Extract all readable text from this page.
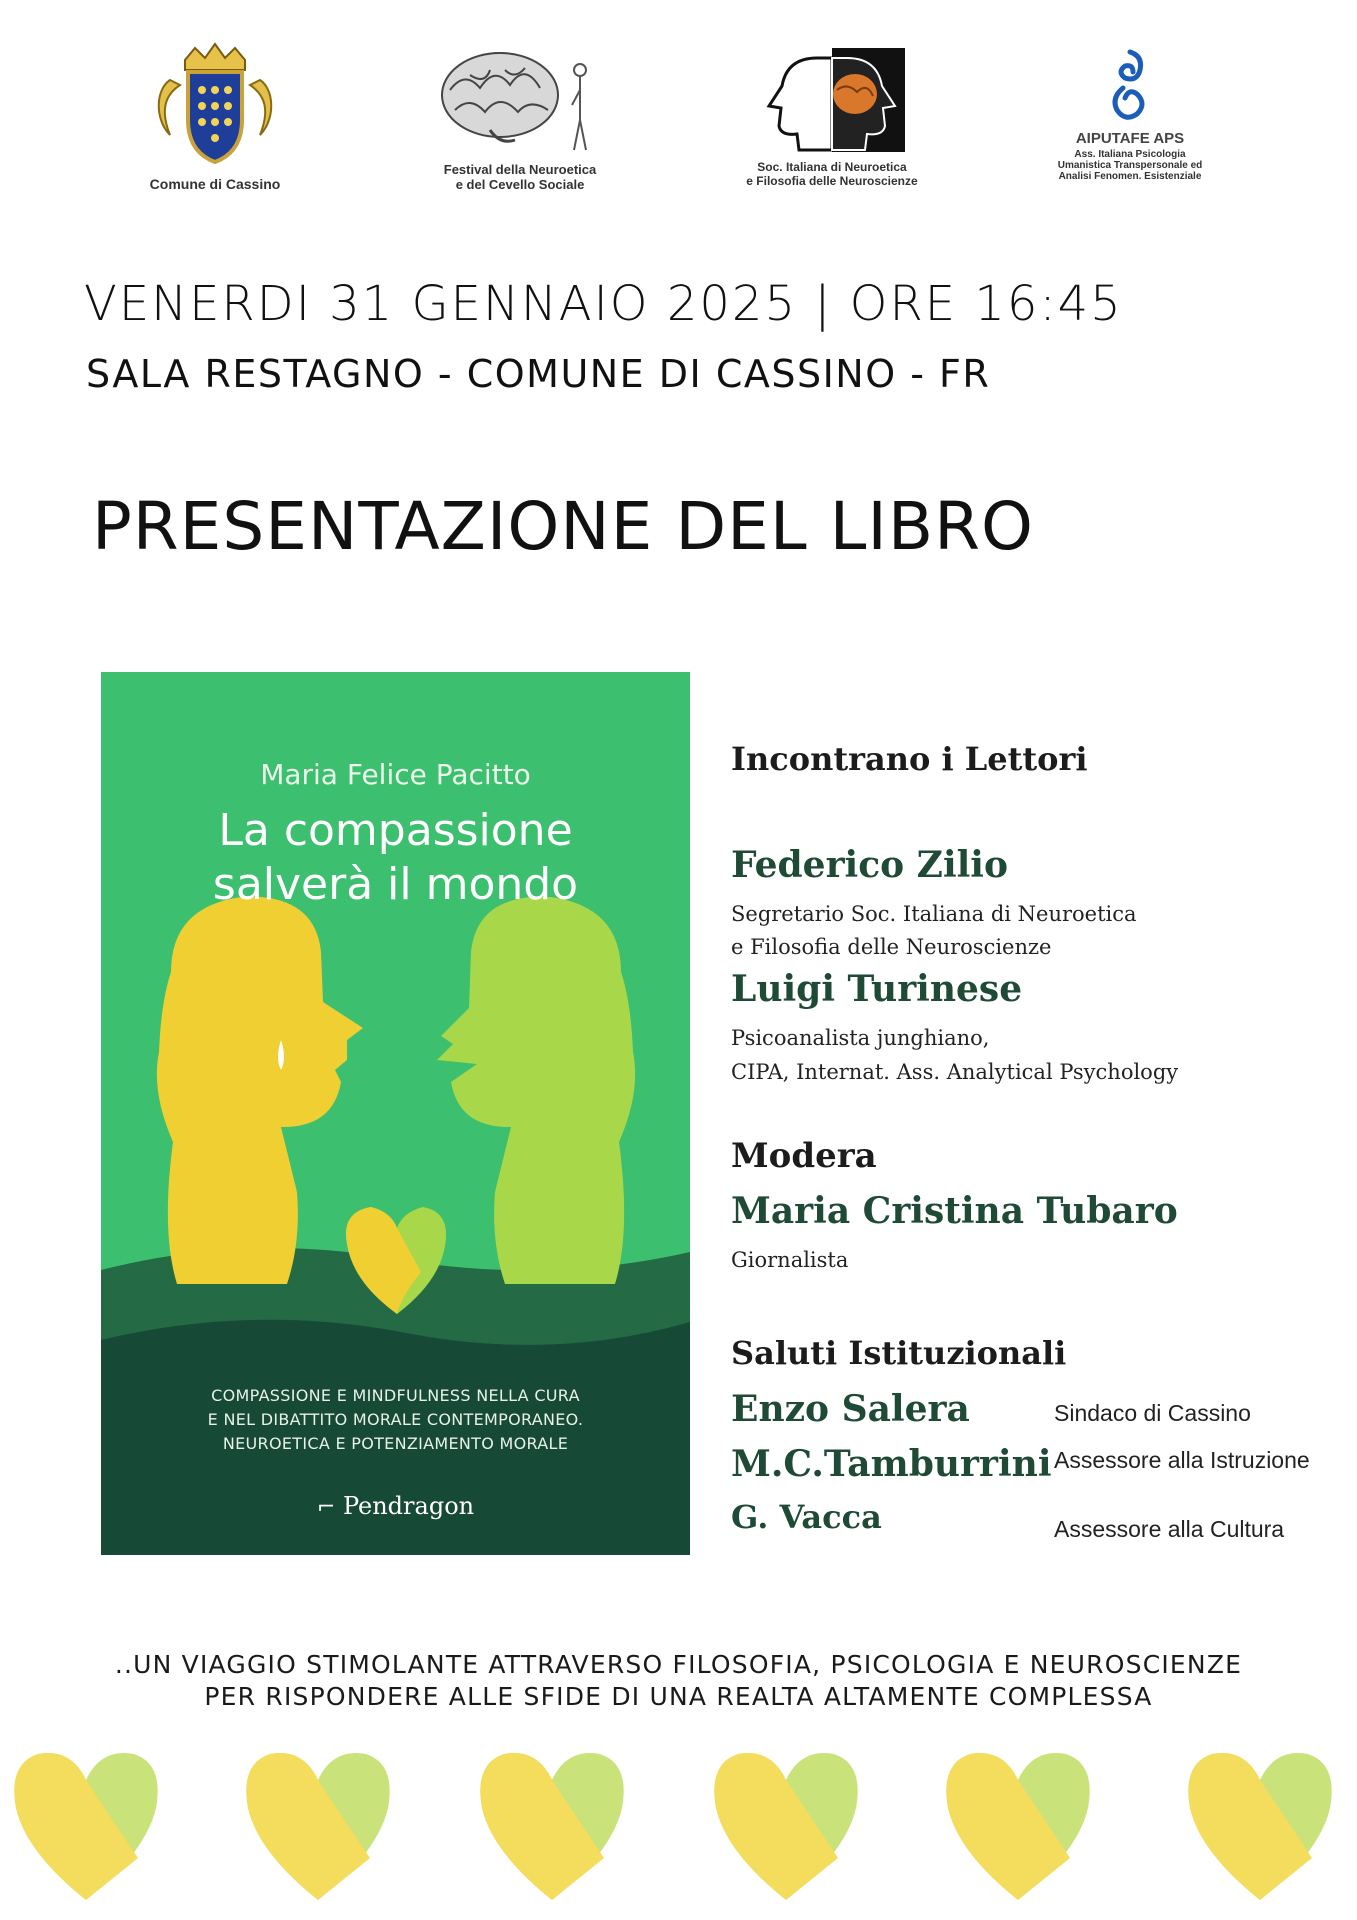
Comune di Cassino
Festival della Neuroetica
e del Cevello Sociale
Soc. Italiana di Neuroetica
e Filosofia delle Neuroscienze
AIPUTAFE APS
Ass. Italiana Psicologia
Umanistica Transpersonale ed
Analisi Fenomen. Esistenziale
VENERDI 31 GENNAIO 2025 | ORE 16:45
SALA RESTAGNO - COMUNE DI CASSINO - FR
PRESENTAZIONE DEL LIBRO
Maria Felice Pacitto
La compassione
salverà il mondo
COMPASSIONE E MINDFULNESS NELLA CURA
E NEL DIBATTITO MORALE CONTEMPORANEO.
NEUROETICA E POTENZIAMENTO MORALE
⌐ Pendragon
Incontrano i Lettori
Federico Zilio
Segretario Soc. Italiana di Neuroetica
e Filosofia delle Neuroscienze
Luigi Turinese
Psicoanalista junghiano,
CIPA, Internat. Ass. Analytical Psychology
Modera
Maria Cristina Tubaro
Giornalista
Saluti Istituzionali
Enzo Salera	Sindaco di Cassino
M.C.Tamburrini Assessore alla Istruzione
G. Vacca	Assessore alla Cultura
..UN VIAGGIO STIMOLANTE ATTRAVERSO FILOSOFIA, PSICOLOGIA E NEUROSCIENZE
PER RISPONDERE ALLE SFIDE DI UNA REALTA ALTAMENTE COMPLESSA
